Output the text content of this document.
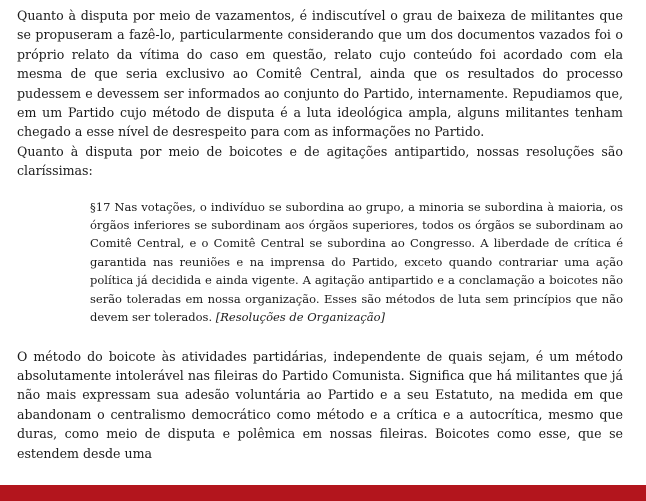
Quanto à disputa por meio de vazamentos, é indiscutível o grau de baixeza de militantes que se propuseram a fazê-lo, particularmente considerando que um dos documentos vazados foi o próprio relato da vítima do caso em questão, relato cujo conteúdo foi acordado com ela mesma de que seria exclusivo ao Comitê Central, ainda que os resultados do processo pudessem e devessem ser informados ao conjunto do Partido, internamente. Repudiamos que, em um Partido cujo método de disputa é a luta ideológica ampla, alguns militantes tenham chegado a esse nível de desrespeito para com as informações no Partido.

Quanto à disputa por meio de boicotes e de agitações antipartido, nossas resoluções são claríssimas:

§17 Nas votações, o indivíduo se subordina ao grupo, a minoria se subordina à maioria, os órgãos inferiores se subordinam aos órgãos superiores, todos os órgãos se subordinam ao Comitê Central, e o Comitê Central se subordina ao Congresso. A liberdade de crítica é garantida nas reuniões e na imprensa do Partido, exceto quando contrariar uma ação política já decidida e ainda vigente. A agitação antipartido e a conclamação a boicotes não serão toleradas em nossa organização. Esses são métodos de luta sem princípios que não devem ser tolerados. [Resoluções de Organização]

O método do boicote às atividades partidárias, independente de quais sejam, é um método absolutamente intolerável nas fileiras do Partido Comunista. Significa que há militantes que já não mais expressam sua adesão voluntária ao Partido e a seu Estatuto, na medida em que abandonam o centralismo democrático como método e a crítica e a autocrítica, mesmo que duras, como meio de disputa e polêmica em nossas fileiras. Boicotes como esse, que se estendem desde uma
